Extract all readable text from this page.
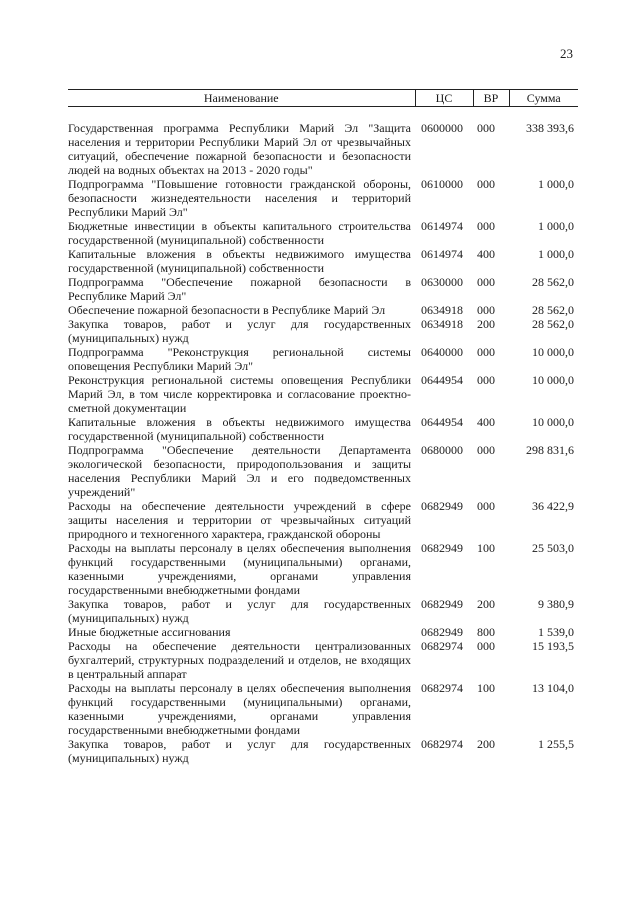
23
Наименование	ЦС	ВР	Сумма
Государственная программа Республики Марий Эл "Защита населения и территории Республики Марий Эл от чрезвычайных ситуаций, обеспечение пожарной безопасности и безопасности людей на водных объектах на 2013 - 2020 годы"	0600000	000	338 393,6
Подпрограмма "Повышение готовности гражданской обороны, безопасности жизнедеятельности населения и территорий Республики Марий Эл"	0610000	000	1 000,0
Бюджетные инвестиции в объекты капитального строительства государственной (муниципальной) собственности	0614974	000	1 000,0
Капитальные вложения в объекты недвижимого имущества государственной (муниципальной) собственности	0614974	400	1 000,0
Подпрограмма "Обеспечение пожарной безопасности в Республике Марий Эл"	0630000	000	28 562,0
Обеспечение пожарной безопасности в Республике Марий Эл	0634918	000	28 562,0
Закупка товаров, работ и услуг для государственных (муниципальных) нужд	0634918	200	28 562,0
Подпрограмма "Реконструкция региональной системы оповещения Республики Марий Эл"	0640000	000	10 000,0
Реконструкция региональной системы оповещения Республики Марий Эл, в том числе корректировка и согласование проектно-сметной документации	0644954	000	10 000,0
Капитальные вложения в объекты недвижимого имущества государственной (муниципальной) собственности	0644954	400	10 000,0
Подпрограмма "Обеспечение деятельности Департамента экологической безопасности, природопользования и защиты населения Республики Марий Эл и его подведомственных учреждений"	0680000	000	298 831,6
Расходы на обеспечение деятельности учреждений в сфере защиты населения и территории от чрезвычайных ситуаций природного и техногенного характера, гражданской обороны	0682949	000	36 422,9
Расходы на выплаты персоналу в целях обеспечения выполнения функций государственными (муниципальными) органами, казенными учреждениями, органами управления государственными внебюджетными фондами	0682949	100	25 503,0
Закупка товаров, работ и услуг для государственных (муниципальных) нужд	0682949	200	9 380,9
Иные бюджетные ассигнования	0682949	800	1 539,0
Расходы на обеспечение деятельности централизованных бухгалтерий, структурных подразделений и отделов, не входящих в центральный аппарат	0682974	000	15 193,5
Расходы на выплаты персоналу в целях обеспечения выполнения функций государственными (муниципальными) органами, казенными учреждениями, органами управления государственными внебюджетными фондами	0682974	100	13 104,0
Закупка товаров, работ и услуг для государственных (муниципальных) нужд	0682974	200	1 255,5
